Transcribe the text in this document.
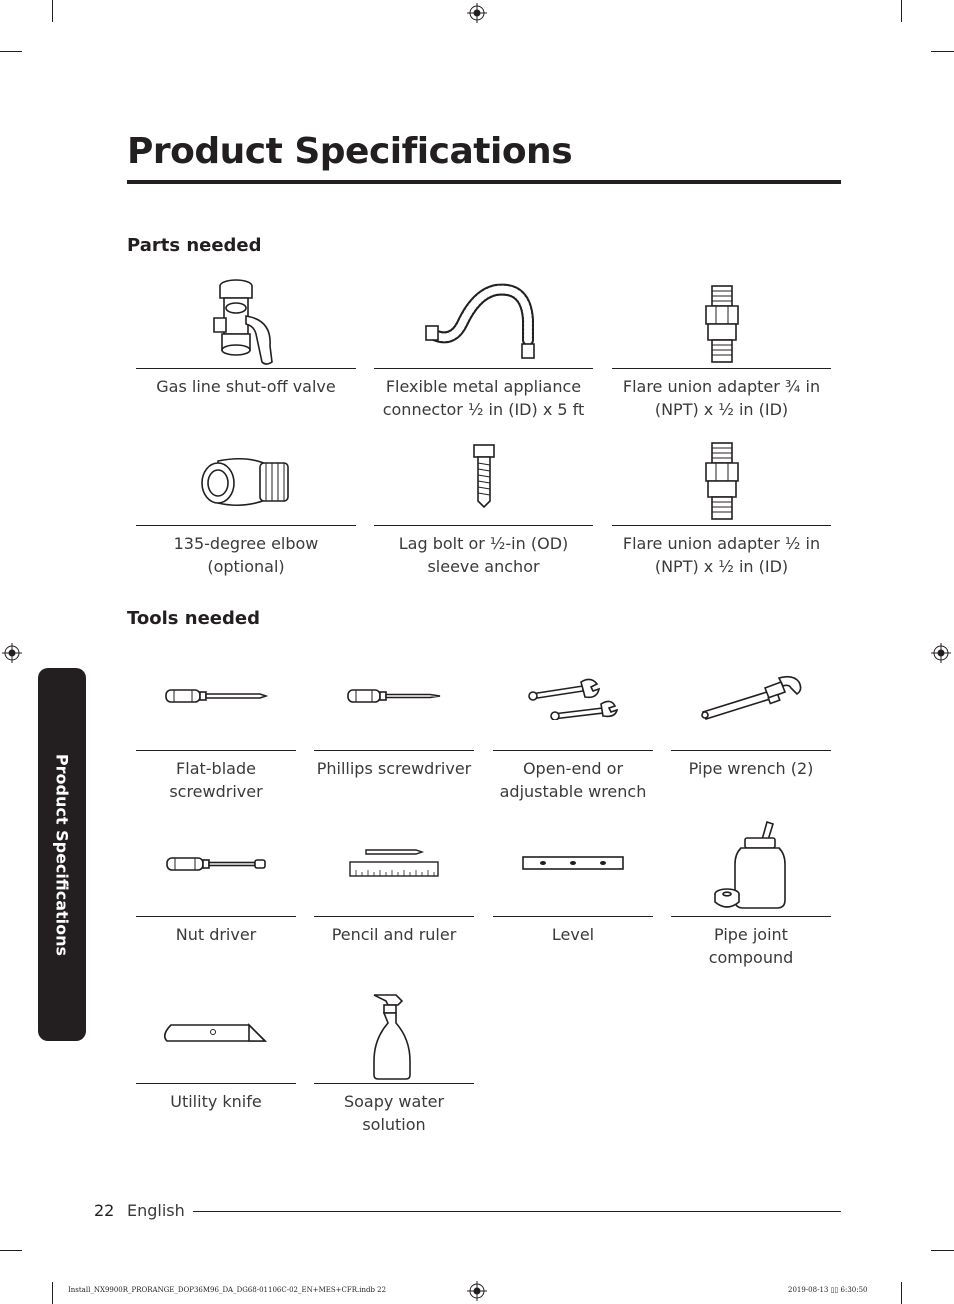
Product Specifications
Parts needed
Gas line shut-off valve	Flexible metal appliance connector ½ in (ID) x 5 ft
Flare union adapter ¾ in (NPT) x ½ in (ID)
135-degree elbow (optional)
Lag bolt or ½-in (OD) sleeve anchor
Flare union adapter ½ in (NPT) x ½ in (ID)
Tools needed
Product Specifications	Flat-blade screwdriver
Phillips screwdriver	Open-end or adjustable wrench
Pipe wrench (2)
Nut driver	Pencil and ruler	Level	Pipe joint compound
Utility knife	Soapy water solution
22 English
Install_NX9900R_PRORANGE_DOP36M96_DA_DG68-01106C-02_EN+MES+CFR.indb 22	2019-08-13 ▯▯ 6:30:50
